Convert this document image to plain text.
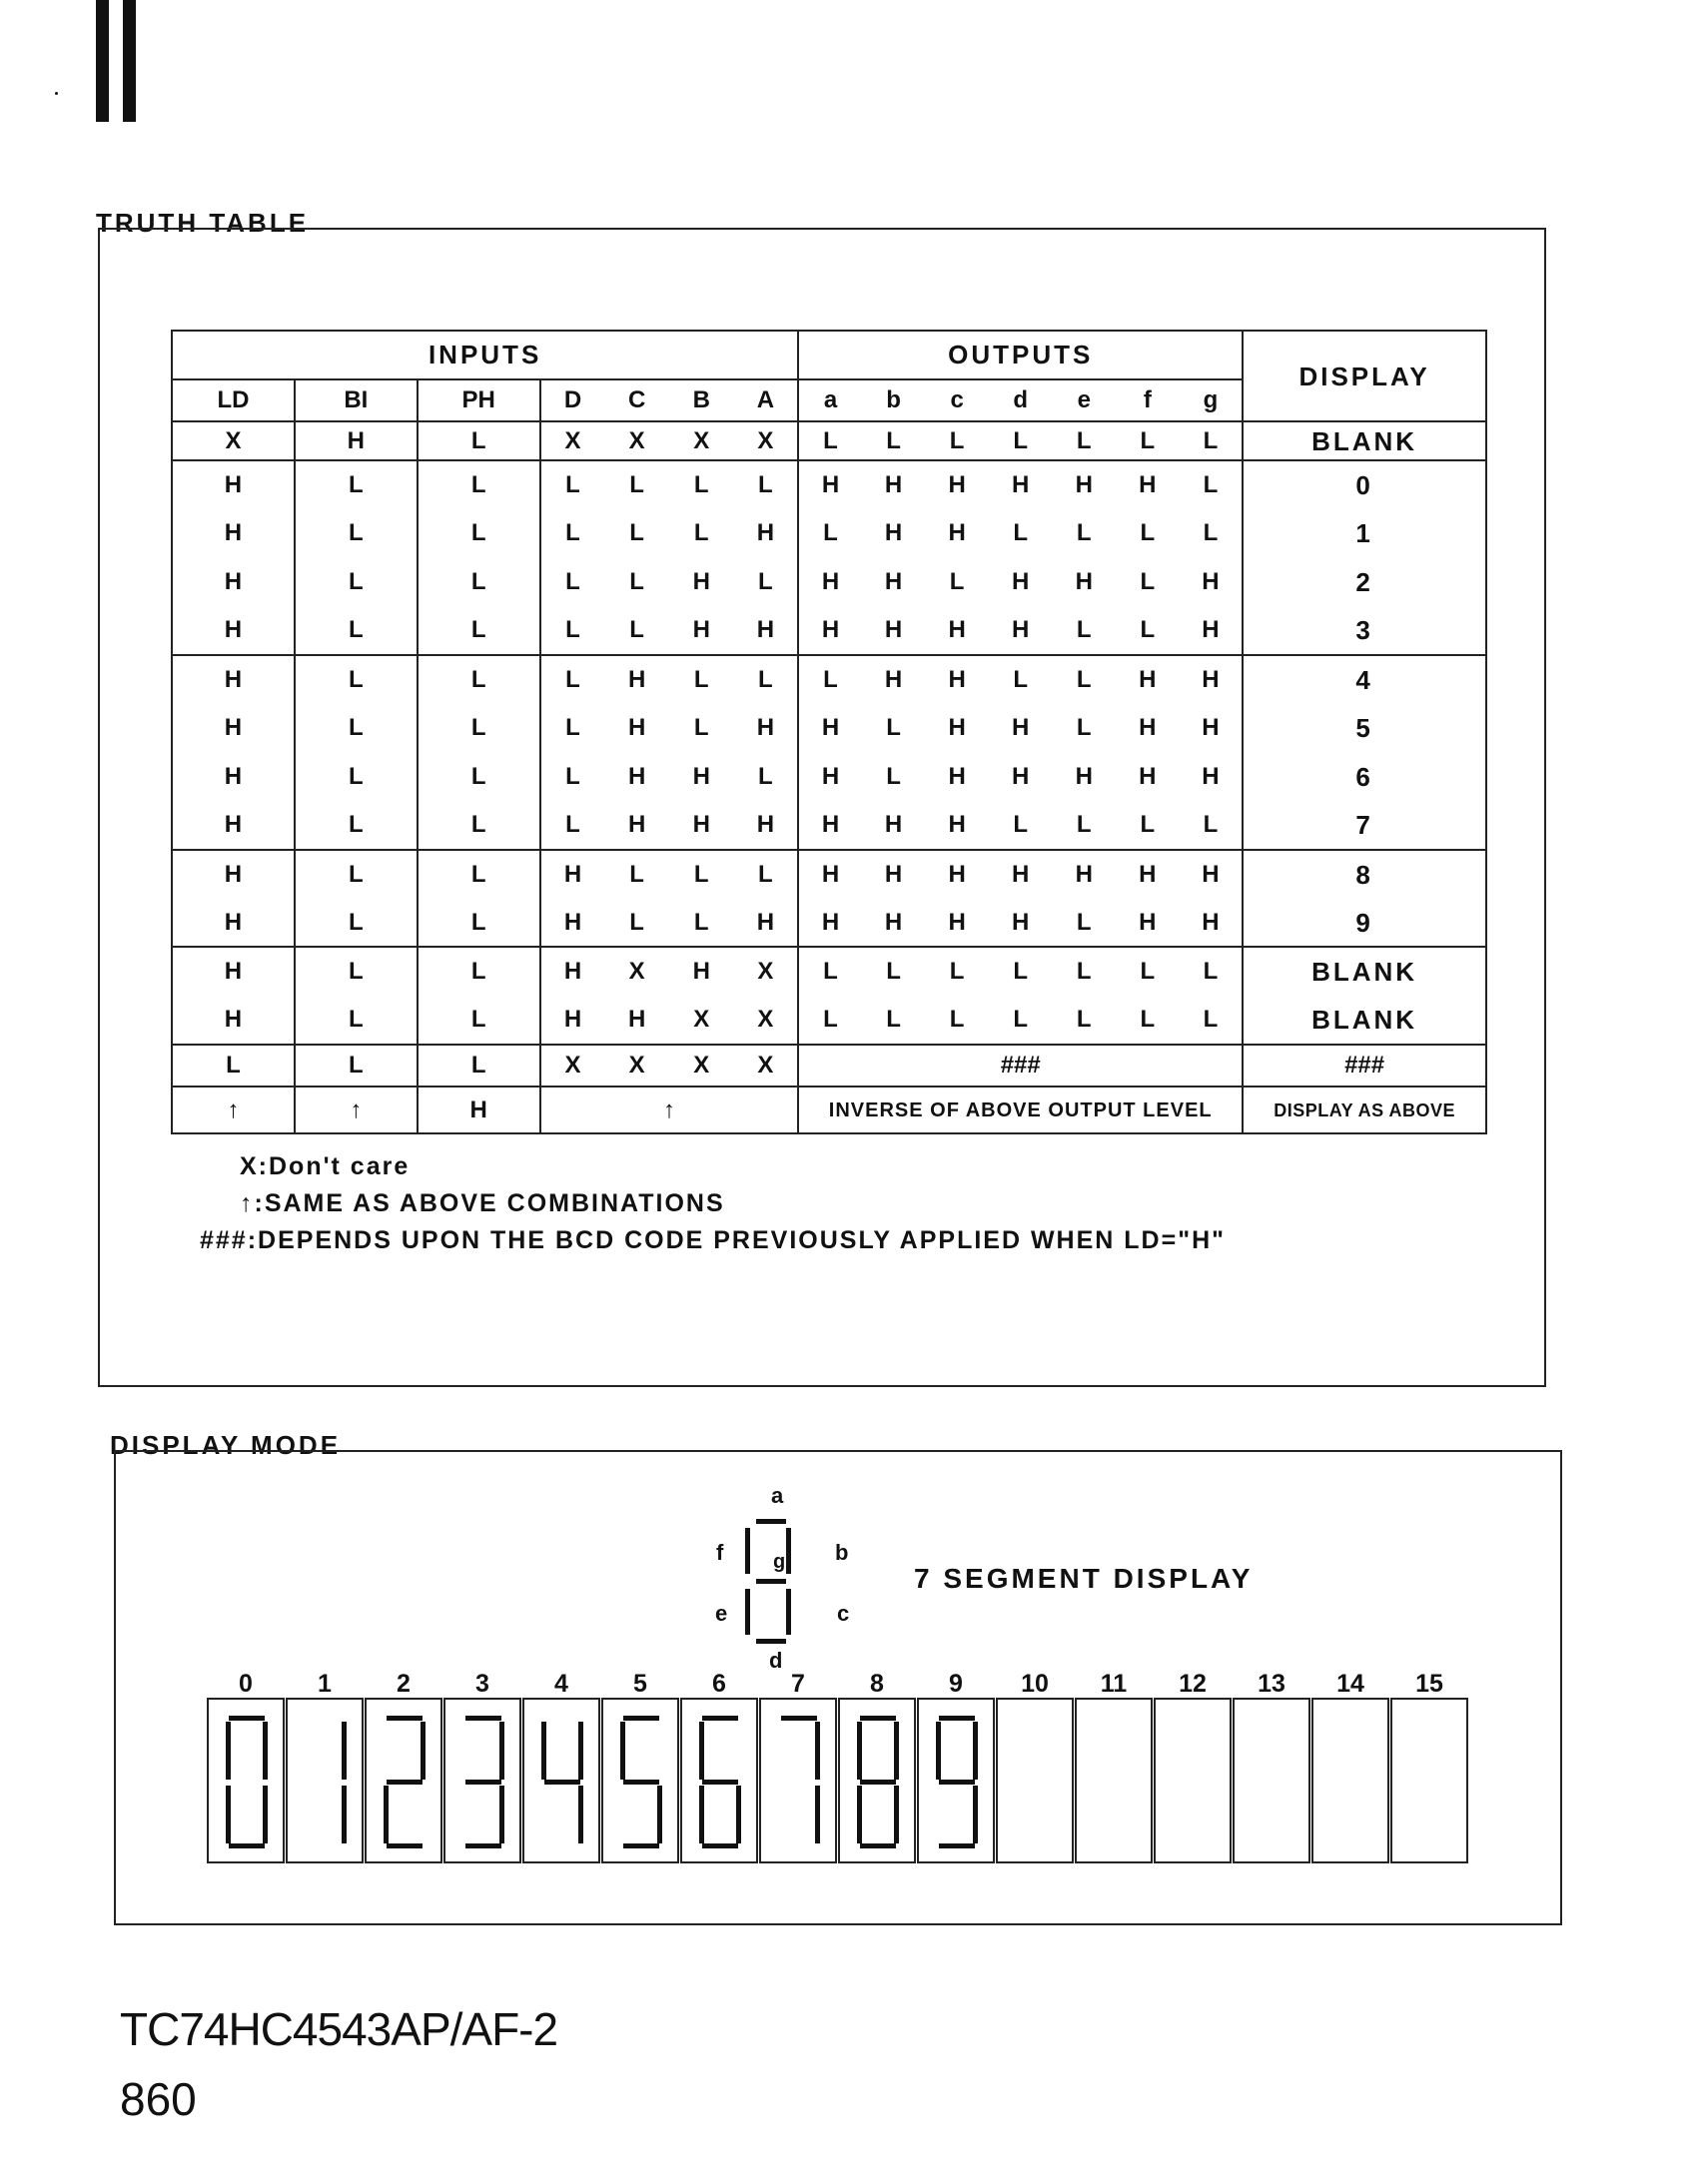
TRUTH TABLE
INPUTS							OUTPUTS							DISPLAY
LD	BI	PH	D	C	B	A	a	b	c	d	e	f	g	
X	H	L	X	X	X	X	L	L	L	L	L	L	L	BLANK
H	L	L	L	L	L	L	H	H	H	H	H	H	L	0
H	L	L	L	L	L	H	L	H	H	L	L	L	L	1
H	L	L	L	L	H	L	H	H	L	H	H	L	H	2
H	L	L	L	L	H	H	H	H	H	H	L	L	H	3
H	L	L	L	H	L	L	L	H	H	L	L	H	H	4
H	L	L	L	H	L	H	H	L	H	H	L	H	H	5
H	L	L	L	H	H	L	H	L	H	H	H	H	H	6
H	L	L	L	H	H	H	H	H	H	L	L	L	L	7
H	L	L	H	L	L	L	H	H	H	H	H	H	H	8
H	L	L	H	L	L	H	H	H	H	H	L	H	H	9
H	L	L	H	X	H	X	L	L	L	L	L	L	L	BLANK
H	L	L	H	H	X	X	L	L	L	L	L	L	L	BLANK
L	L	L	X	X	X	X	###							###
↑	↑	H	↑				INVERSE OF ABOVE OUTPUT LEVEL							DISPLAY AS ABOVE
X:Don't care
↑:SAME AS ABOVE COMBINATIONS
###:DEPENDS UPON THE BCD CODE PREVIOUSLY APPLIED WHEN LD="H"
DISPLAY MODE
a
b
c
d
e
f g
7 SEGMENT DISPLAY
0	1	2	3	4	5	6	7	8	9	10	11	12	13	14	15
TC74HC4543AP/AF-2
860
